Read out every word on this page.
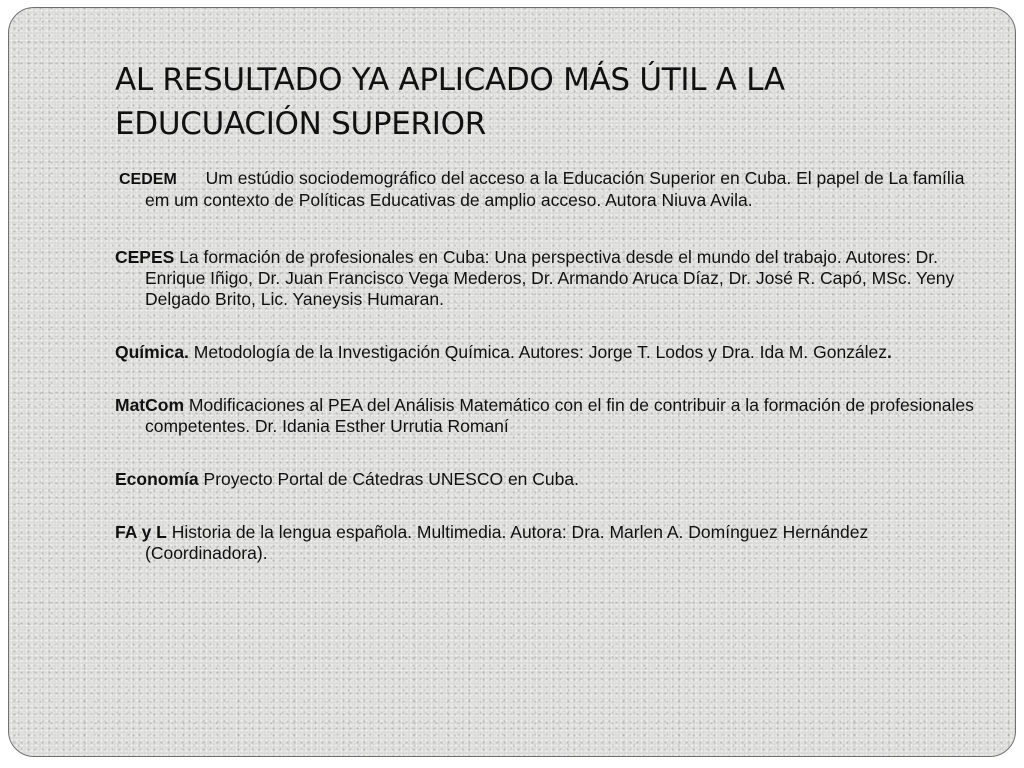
AL RESULTADO YA APLICADO MÁS ÚTIL A LA EDUCUACIÓN SUPERIOR
CEDEM Um estúdio sociodemográfico del acceso a la Educación Superior en Cuba. El papel de La família em um contexto de Políticas Educativas de amplio acceso. Autora Niuva Avila.
CEPES La formación de profesionales en Cuba: Una perspectiva desde el mundo del trabajo. Autores: Dr. Enrique Iñigo, Dr. Juan Francisco Vega Mederos, Dr. Armando Aruca Díaz, Dr. José R. Capó, MSc. Yeny Delgado Brito, Lic. Yaneysis Humaran.
Química. Metodología de la Investigación Química. Autores: Jorge T. Lodos y Dra. Ida M. González.
MatCom Modificaciones al PEA del Análisis Matemático con el fin de contribuir a la formación de profesionales competentes. Dr. Idania Esther Urrutia Romaní
Economía Proyecto Portal de Cátedras UNESCO en Cuba.
FA y L Historia de la lengua española. Multimedia. Autora: Dra. Marlen A. Domínguez Hernández (Coordinadora).
